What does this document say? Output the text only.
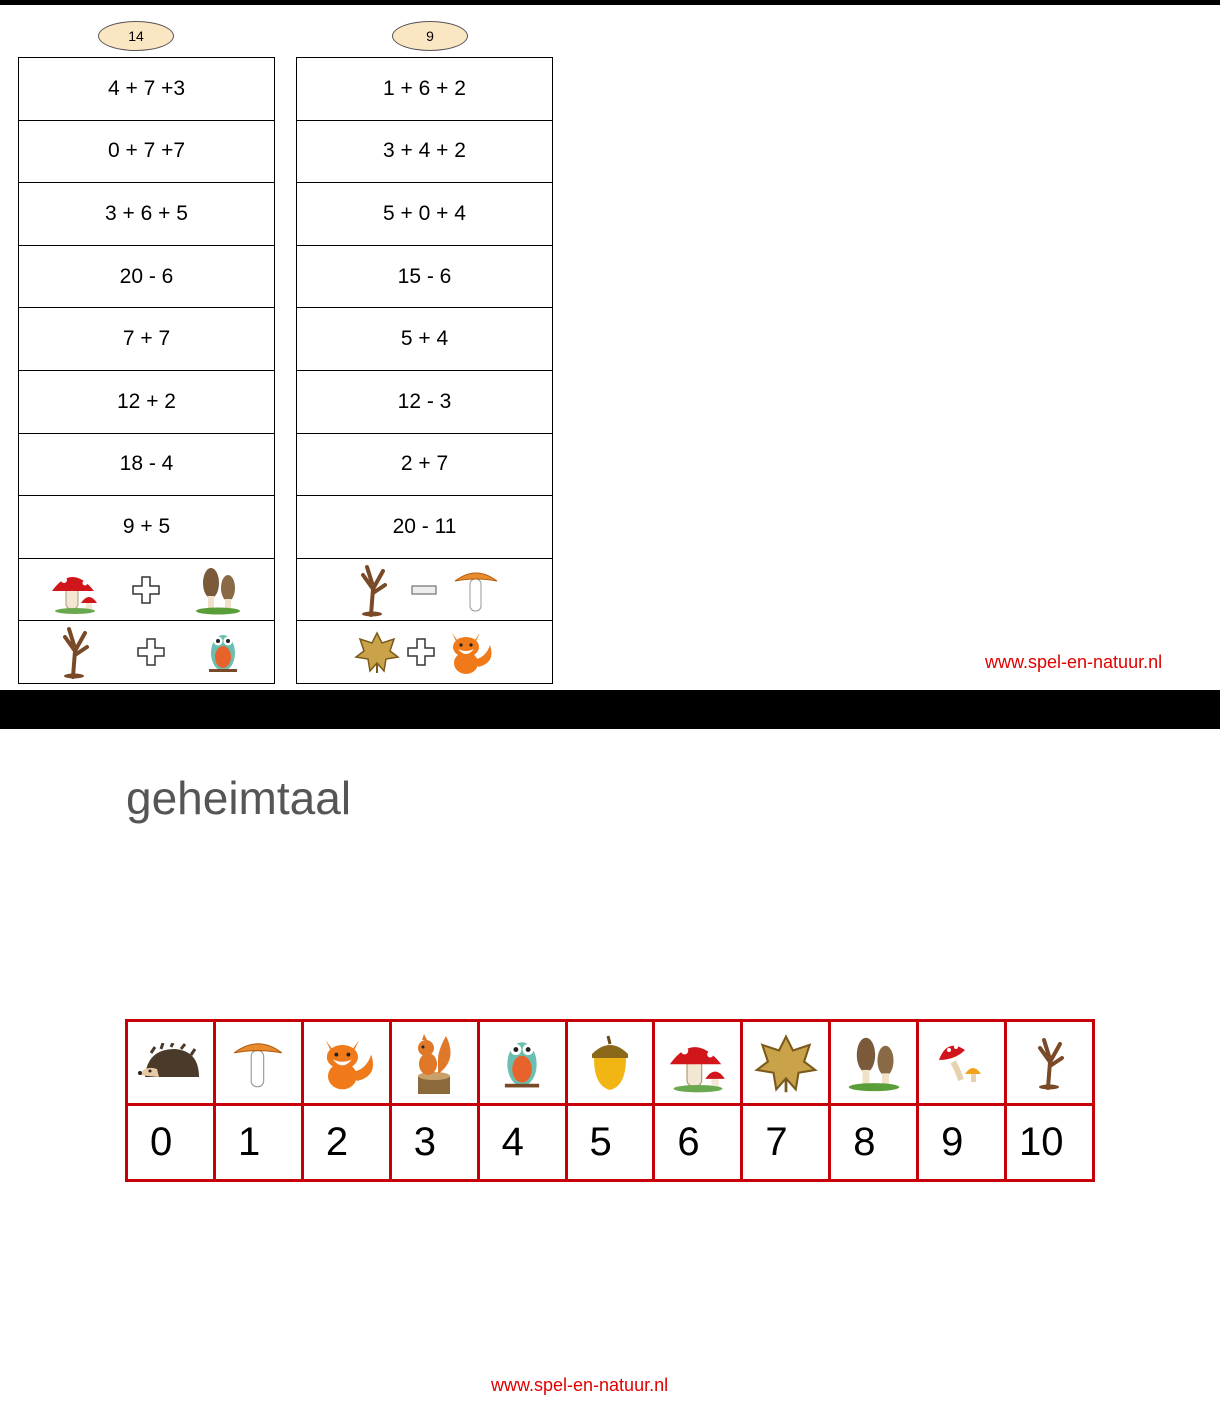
14
4 + 7 +3
0 + 7 +7
3 + 6 + 5
20 - 6
7 + 7
12 + 2
18 - 4
9 + 5

9
1 + 6 + 2
3 + 4 + 2
5 + 0 + 4
15 - 6
5 + 4
12 - 3
2 + 7
20 - 11

www.spel-en-natuur.nl
geheimtaal

0	1	2	3	4	5	6	7	8	9	10
www.spel-en-natuur.nl
